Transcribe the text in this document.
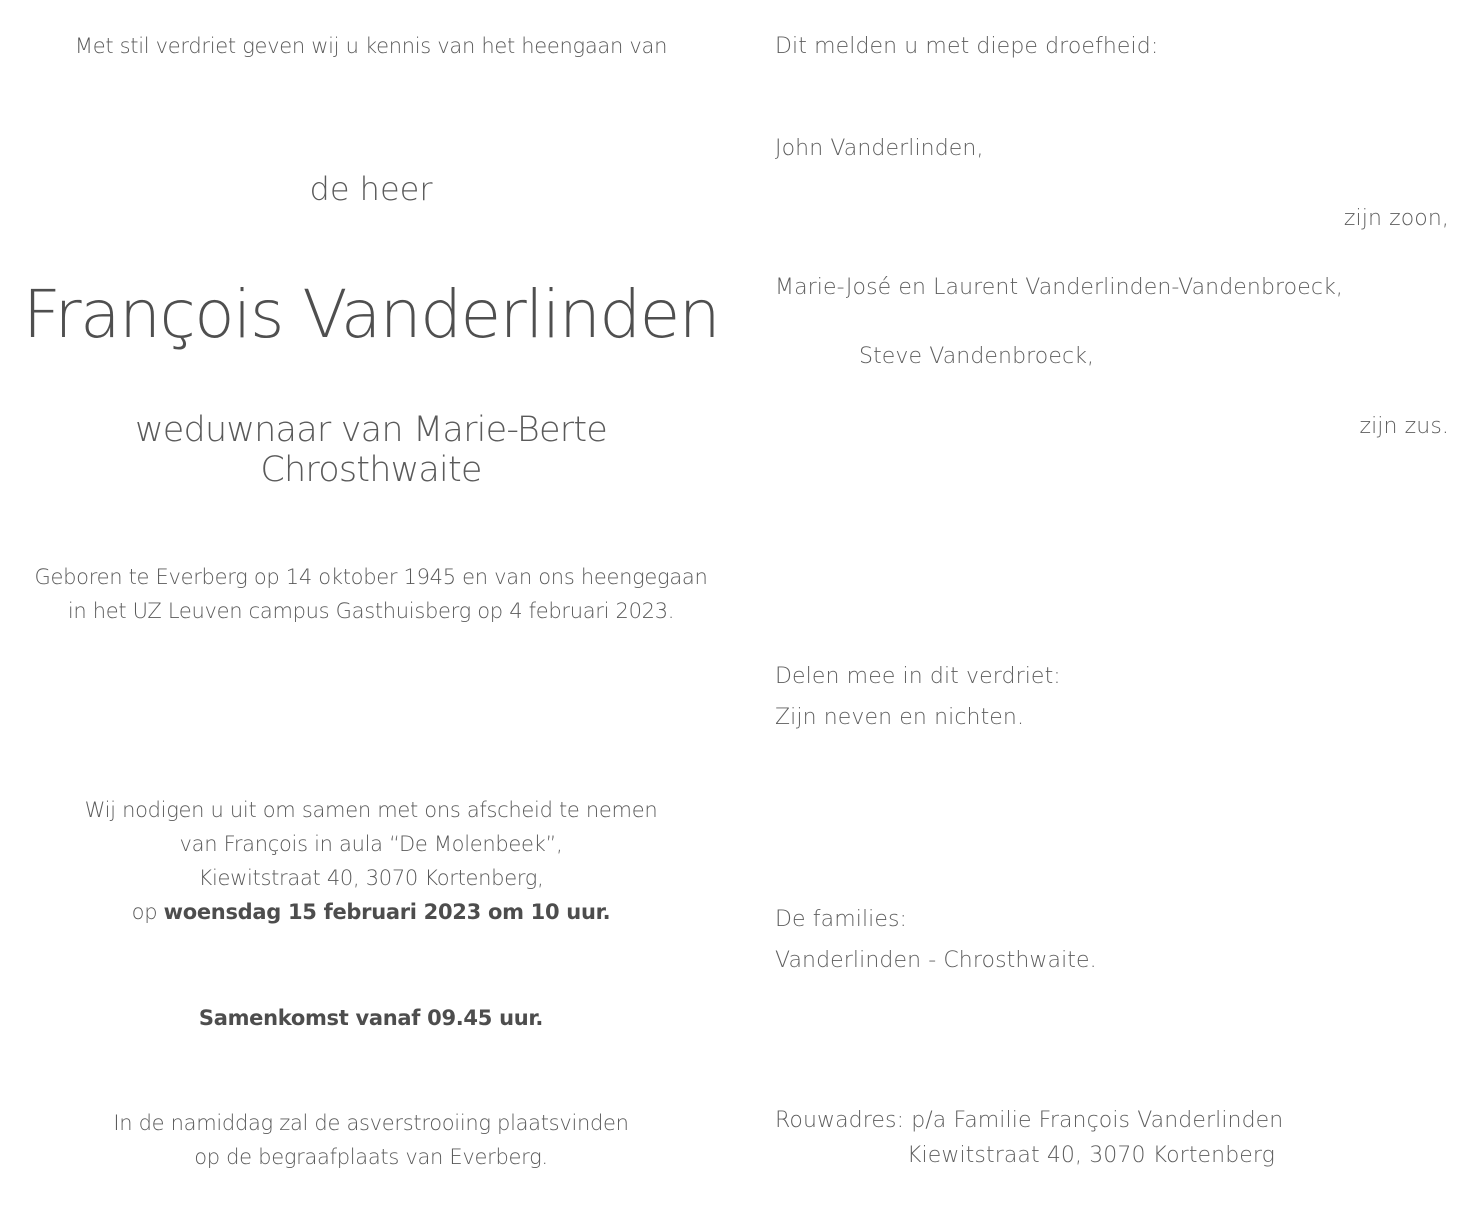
Met stil verdriet geven wij u kennis van het heengaan van
de heer
François Vanderlinden
weduwnaar van Marie-Berte Chrosthwaite
Geboren te Everberg op 14 oktober 1945 en van ons heengegaan
in het UZ Leuven campus Gasthuisberg op 4 februari 2023.
Wij nodigen u uit om samen met ons afscheid te nemen
van François in aula “De Molenbeek”,
Kiewitstraat 40, 3070 Kortenberg,
op woensdag 15 februari 2023 om 10 uur.
Samenkomst vanaf 09.45 uur.
In de namiddag zal de asverstrooiing plaatsvinden
op de begraafplaats van Everberg.
Dit melden u met diepe droefheid:
John Vanderlinden,
zijn zoon,
Marie-José en Laurent Vanderlinden-Vandenbroeck,
Steve Vandenbroeck,
zijn zus.
Delen mee in dit verdriet:
Zijn neven en nichten.
De families:
Vanderlinden - Chrosthwaite.
Rouwadres: p/a Familie François Vanderlinden
Kiewitstraat 40, 3070 Kortenberg
